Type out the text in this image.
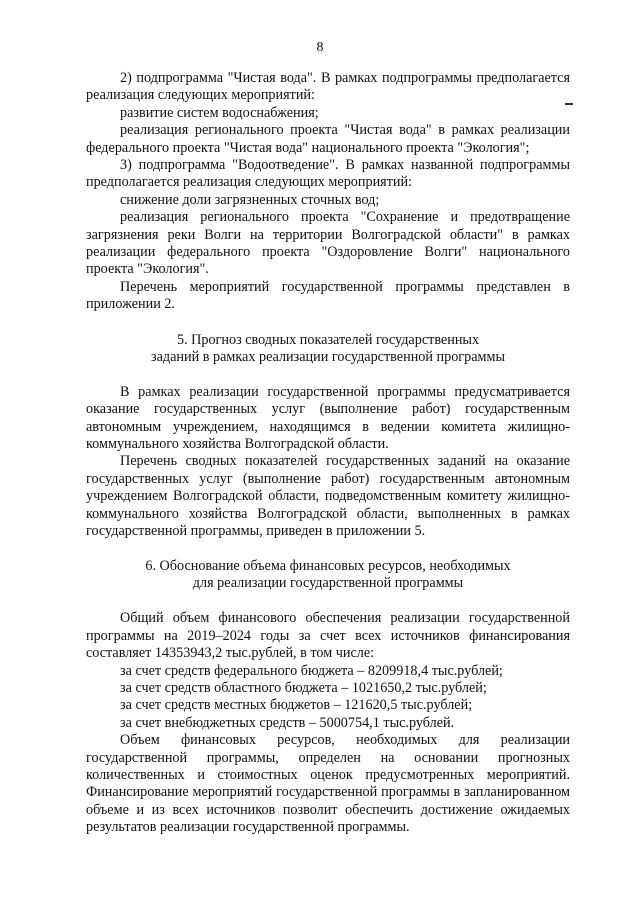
8

2) подпрограмма "Чистая вода". В рамках подпрограммы предполагается реализация следующих мероприятий:

развитие систем водоснабжения;

реализация регионального проекта "Чистая вода" в рамках реализации федерального проекта "Чистая вода" национального проекта "Экология";

3) подпрограмма "Водоотведение". В рамках названной подпрограммы предполагается реализация следующих мероприятий:

снижение доли загрязненных сточных вод;

реализация регионального проекта "Сохранение и предотвращение загрязнения реки Волги на территории Волгоградской области" в рамках реализации федерального проекта "Оздоровление Волги" национального проекта "Экология".

Перечень мероприятий государственной программы представлен в приложении 2.

5. Прогноз сводных показателей государственных
заданий в рамках реализации государственной программы

В рамках реализации государственной программы предусматривается оказание государственных услуг (выполнение работ) государственным автономным учреждением, находящимся в ведении комитета жилищно-коммунального хозяйства Волгоградской области.

Перечень сводных показателей государственных заданий на оказание государственных услуг (выполнение работ) государственным автономным учреждением Волгоградской области, подведомственным комитету жилищно-коммунального хозяйства Волгоградской области, выполненных в рамках государственной программы, приведен в приложении 5.

6. Обоснование объема финансовых ресурсов, необходимых
для реализации государственной программы

Общий объем финансового обеспечения реализации государственной программы на 2019–2024 годы за счет всех источников финансирования составляет 14353943,2 тыс.рублей, в том числе:

за счет средств федерального бюджета – 8209918,4 тыс.рублей;

за счет средств областного бюджета – 1021650,2 тыс.рублей;

за счет средств местных бюджетов – 121620,5 тыс.рублей;

за счет внебюджетных средств – 5000754,1 тыс.рублей.

Объем финансовых ресурсов, необходимых для реализации государственной программы, определен на основании прогнозных количественных и стоимостных оценок предусмотренных мероприятий. Финансирование мероприятий государственной программы в запланированном объеме и из всех источников позволит обеспечить достижение ожидаемых результатов реализации государственной программы.
